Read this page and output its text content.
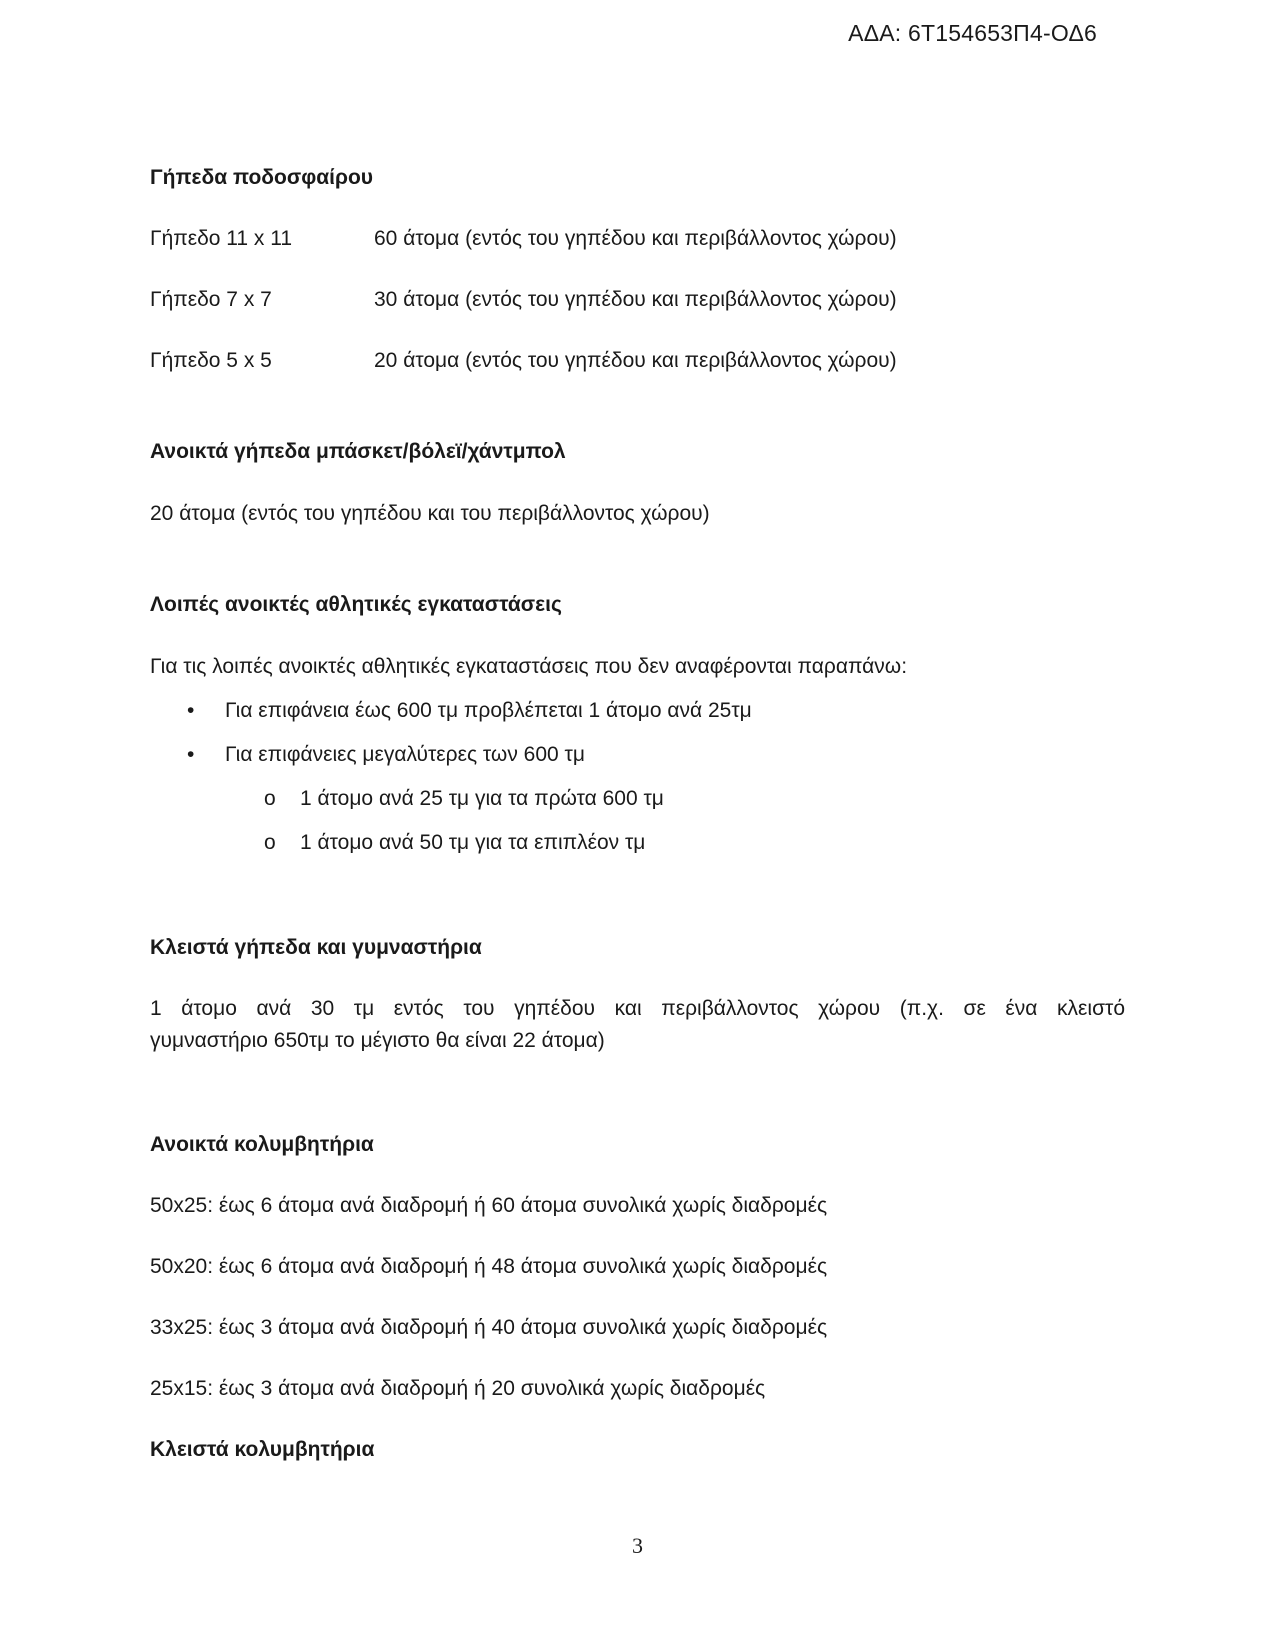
ΑΔΑ: 6Τ154653Π4-ΟΔ6
Γήπεδα ποδοσφαίρου
Γήπεδο 11 x 11	60 άτομα (εντός του γηπέδου και περιβάλλοντος χώρου)
Γήπεδο 7 x 7	30 άτομα (εντός του γηπέδου και περιβάλλοντος χώρου)
Γήπεδο 5 x 5	20 άτομα (εντός του γηπέδου και περιβάλλοντος χώρου)
Ανοικτά γήπεδα μπάσκετ/βόλεϊ/χάντμπολ
20 άτομα (εντός του γηπέδου και του περιβάλλοντος χώρου)
Λοιπές ανοικτές αθλητικές εγκαταστάσεις
Για τις λοιπές ανοικτές αθλητικές εγκαταστάσεις που δεν αναφέρονται παραπάνω:
• Για επιφάνεια έως 600 τμ προβλέπεται 1 άτομο ανά 25τμ
• Για επιφάνειες μεγαλύτερες των 600 τμ
o 1 άτομο ανά 25 τμ για τα πρώτα 600 τμ
o 1 άτομο ανά 50 τμ για τα επιπλέον τμ
Κλειστά γήπεδα και γυμναστήρια
1 άτομο ανά 30 τμ εντός του γηπέδου και περιβάλλοντος χώρου (π.χ. σε ένα κλειστό
γυμναστήριο 650τμ το μέγιστο θα είναι 22 άτομα)
Ανοικτά κολυμβητήρια
50x25: έως 6 άτομα ανά διαδρομή ή 60 άτομα συνολικά χωρίς διαδρομές
50x20: έως 6 άτομα ανά διαδρομή ή 48 άτομα συνολικά χωρίς διαδρομές
33x25: έως 3 άτομα ανά διαδρομή ή 40 άτομα συνολικά χωρίς διαδρομές
25x15: έως 3 άτομα ανά διαδρομή ή 20 συνολικά χωρίς διαδρομές
Κλειστά κολυμβητήρια
3
